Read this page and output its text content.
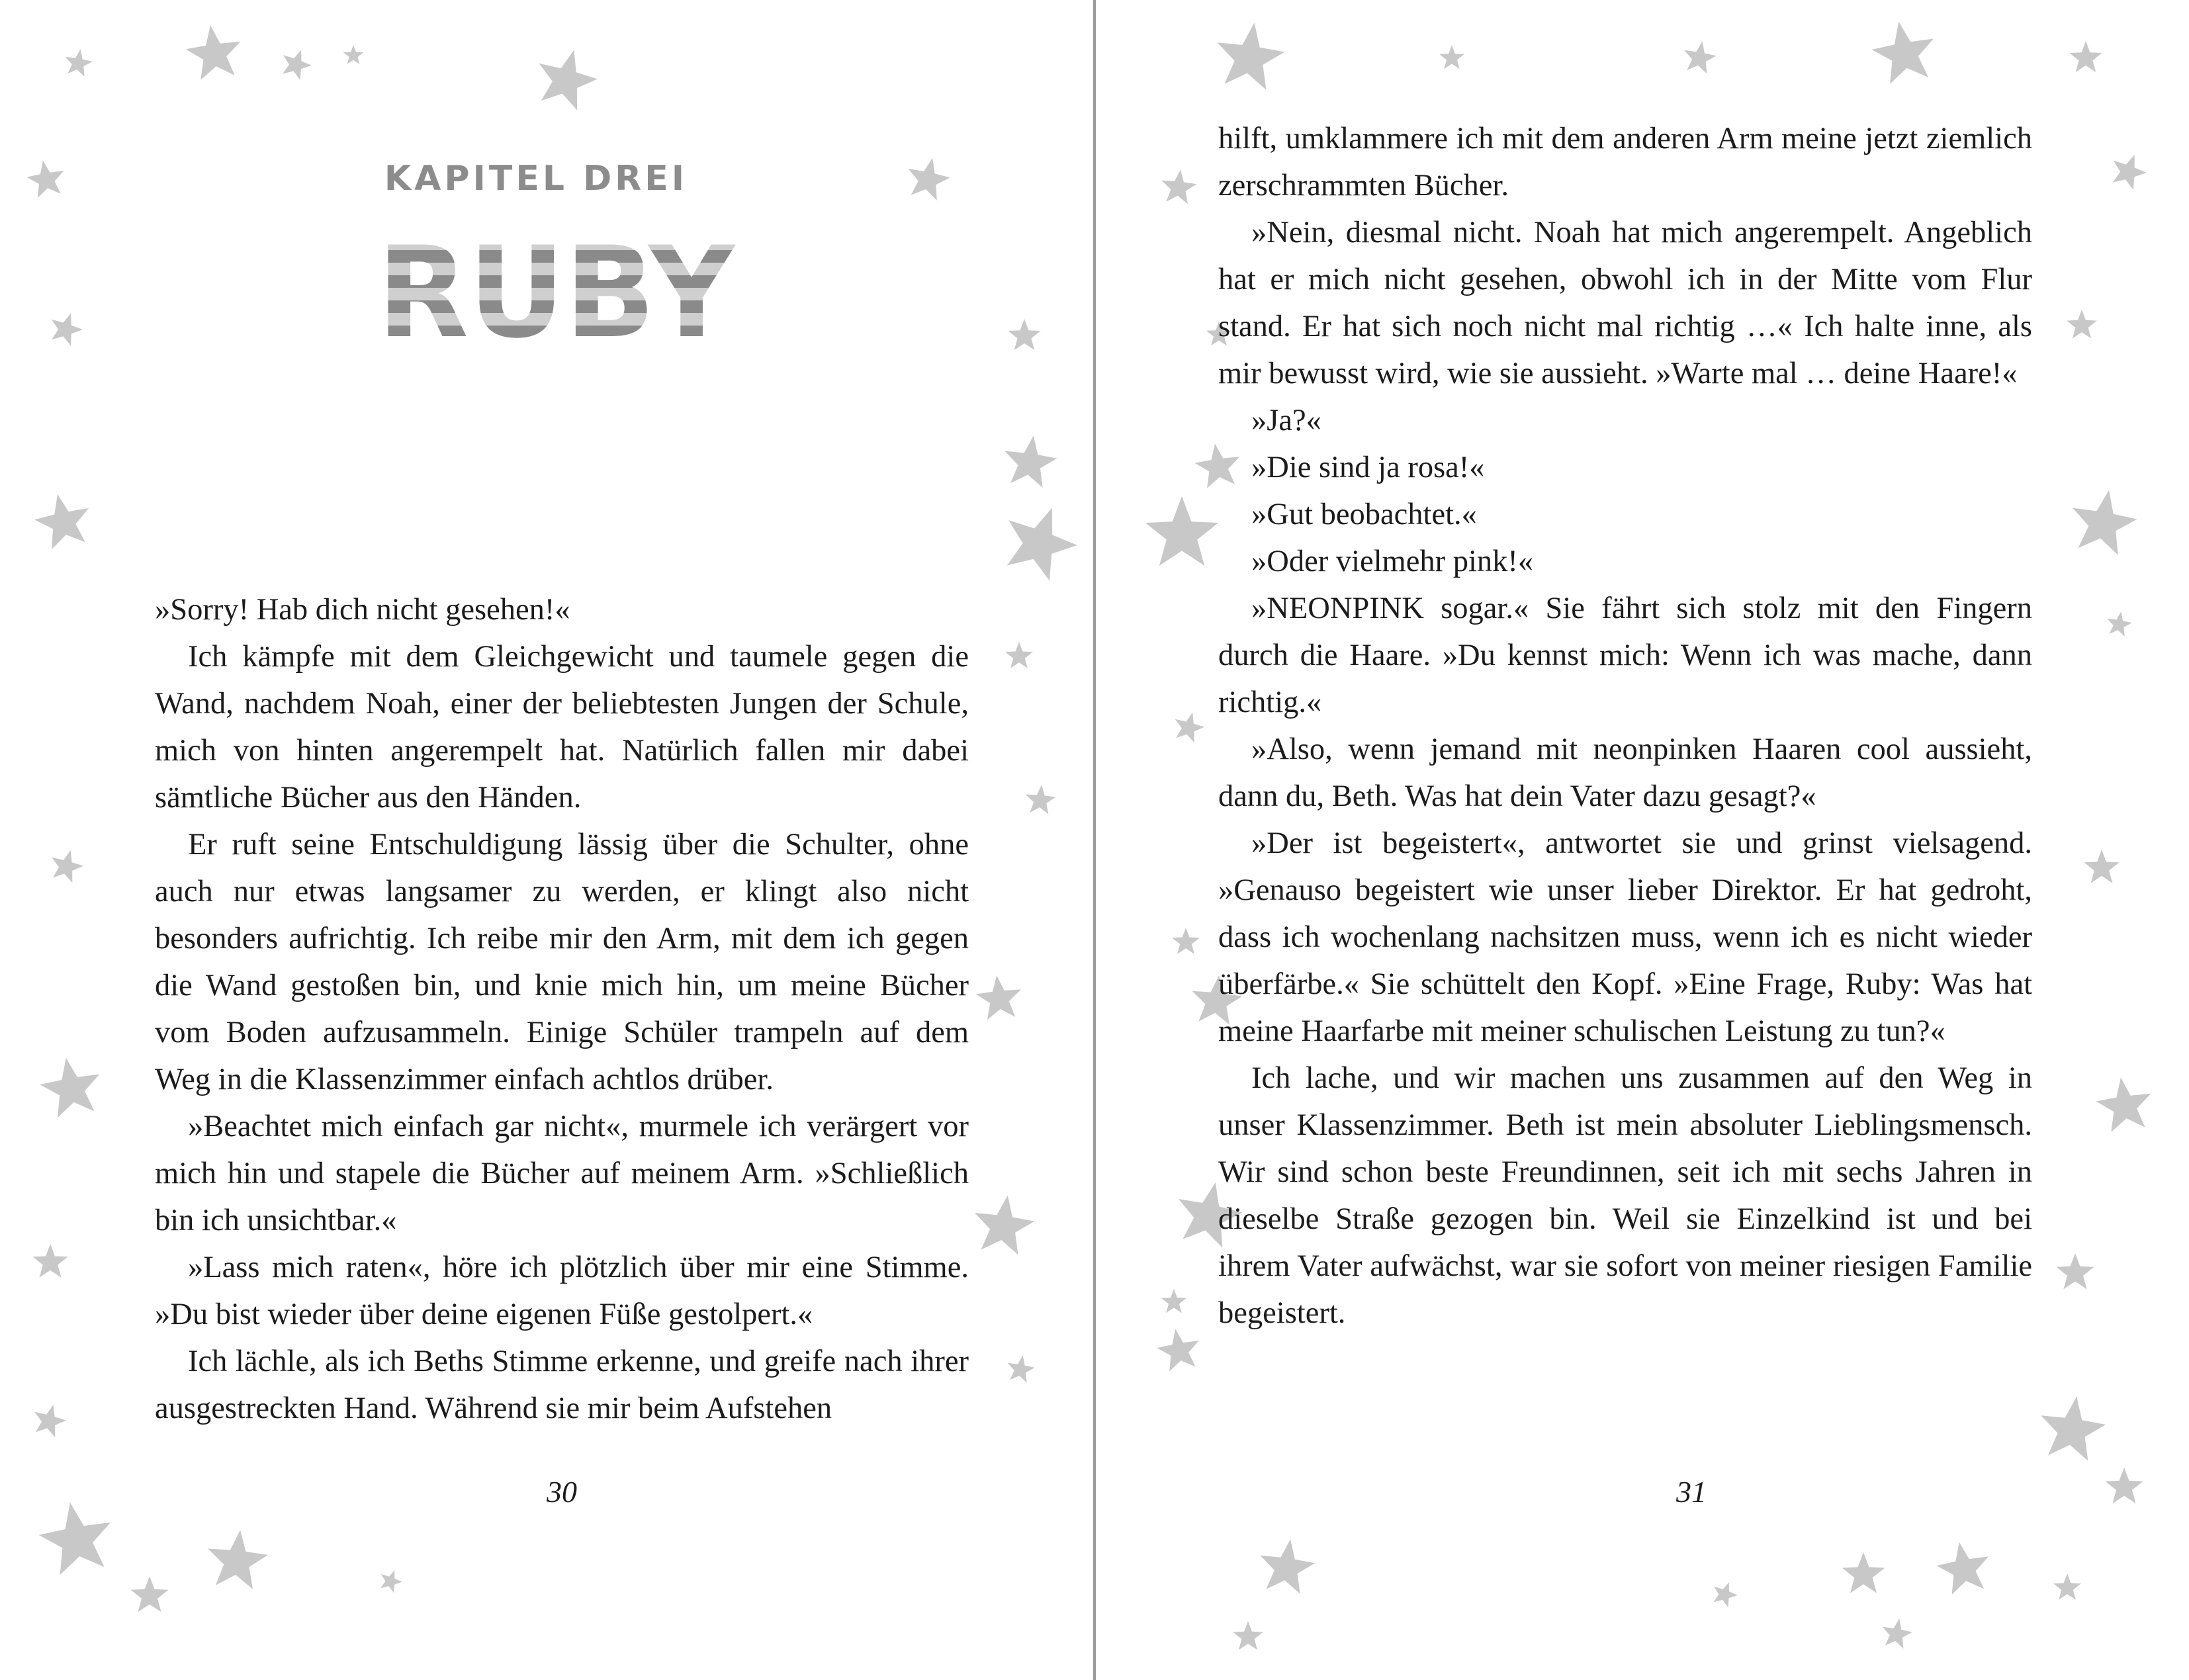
KAPITEL DREI
RUBY

»Sorry! Hab dich nicht gesehen!«

Ich kämpfe mit dem Gleichgewicht und taumele gegen die Wand, nachdem Noah, einer der beliebtesten Jungen der Schule, mich von hinten angerempelt hat. Natürlich fallen mir dabei sämtliche Bücher aus den Händen.

Er ruft seine Entschuldigung lässig über die Schulter, ohne auch nur etwas langsamer zu werden, er klingt also nicht besonders aufrichtig. Ich reibe mir den Arm, mit dem ich gegen die Wand gestoßen bin, und knie mich hin, um meine Bücher vom Boden aufzusammeln. Einige Schüler trampeln auf dem Weg in die Klassenzimmer einfach achtlos drüber.

»Beachtet mich einfach gar nicht«, murmele ich verärgert vor mich hin und stapele die Bücher auf meinem Arm. »Schließlich bin ich unsichtbar.«

»Lass mich raten«, höre ich plötzlich über mir eine Stimme. »Du bist wieder über deine eigenen Füße gestolpert.«

Ich lächle, als ich Beths Stimme erkenne, und greife nach ihrer ausgestreckten Hand. Während sie mir beim Aufstehen

30

hilft, umklammere ich mit dem anderen Arm meine jetzt ziemlich zerschrammten Bücher.

»Nein, diesmal nicht. Noah hat mich angerempelt. Angeblich hat er mich nicht gesehen, obwohl ich in der Mitte vom Flur stand. Er hat sich noch nicht mal richtig …« Ich halte inne, als mir bewusst wird, wie sie aussieht. »Warte mal … deine Haare!«

»Ja?«

»Die sind ja rosa!«

»Gut beobachtet.«

»Oder vielmehr pink!«

»NEONPINK sogar.« Sie fährt sich stolz mit den Fingern durch die Haare. »Du kennst mich: Wenn ich was mache, dann richtig.«

»Also, wenn jemand mit neonpinken Haaren cool aussieht, dann du, Beth. Was hat dein Vater dazu gesagt?«

»Der ist begeistert«, antwortet sie und grinst vielsagend. »Genauso begeistert wie unser lieber Direktor. Er hat gedroht, dass ich wochenlang nachsitzen muss, wenn ich es nicht wieder überfärbe.« Sie schüttelt den Kopf. »Eine Frage, Ruby: Was hat meine Haarfarbe mit meiner schulischen Leistung zu tun?«

Ich lache, und wir machen uns zusammen auf den Weg in unser Klassenzimmer. Beth ist mein absoluter Lieblingsmensch. Wir sind schon beste Freundinnen, seit ich mit sechs Jahren in dieselbe Straße gezogen bin. Weil sie Einzelkind ist und bei ihrem Vater aufwächst, war sie sofort von meiner riesigen Familie begeistert.

31
